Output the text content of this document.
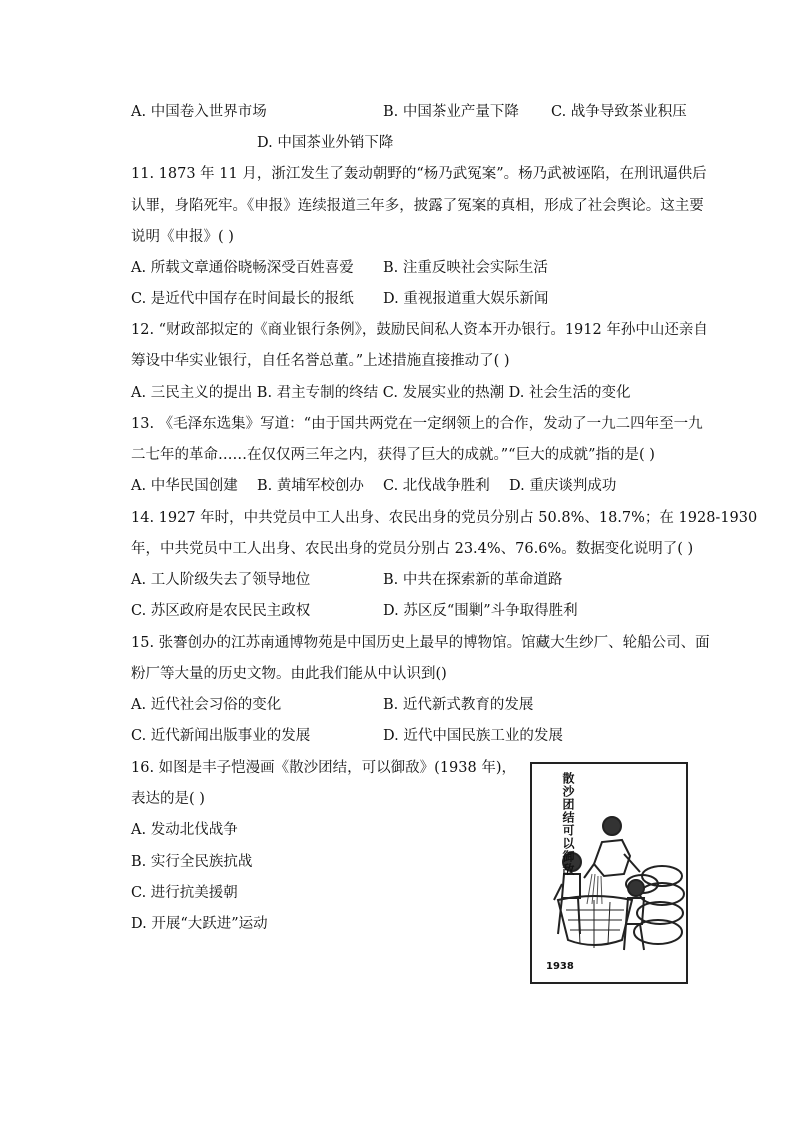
A. 中国卷入世界市场	B. 中国茶业产量下降 C. 战争导致茶业积压
D. 中国茶业外销下降
11. 1873 年 11 月，浙江发生了轰动朝野的“杨乃武冤案”。杨乃武被诬陷，在刑讯逼供后
认罪，身陷死牢。《申报》连续报道三年多，披露了冤案的真相，形成了社会舆论。这主要
说明《申报》( )
A. 所载文章通俗晓畅深受百姓喜爱 B. 注重反映社会实际生活
C. 是近代中国存在时间最长的报纸 D. 重视报道重大娱乐新闻
12. “财政部拟定的《商业银行条例》，鼓励民间私人资本开办银行。1912 年孙中山还亲自
筹设中华实业银行，自任名誉总董。”上述措施直接推动了( )
A. 三民主义的提出 B. 君主专制的终结 C. 发展实业的热潮 D. 社会生活的变化
13. 《毛泽东选集》写道：“由于国共两党在一定纲领上的合作，发动了一九二四年至一九
二七年的革命……在仅仅两三年之内，获得了巨大的成就。”“巨大的成就”指的是( )
A. 中华民国创建 B. 黄埔军校创办 C. 北伐战争胜利 D. 重庆谈判成功
14. 1927 年时，中共党员中工人出身、农民出身的党员分别占 50.8%、18.7%；在 1928-1930
年，中共党员中工人出身、农民出身的党员分别占 23.4%、76.6%。数据变化说明了( )
A. 工人阶级失去了领导地位	B. 中共在探索新的革命道路
C. 苏区政府是农民民主政权	D. 苏区反“围剿”斗争取得胜利
15. 张謇创办的江苏南通博物苑是中国历史上最早的博物馆。馆藏大生纱厂、轮船公司、面
粉厂等大量的历史文物。由此我们能从中认识到()
A. 近代社会习俗的变化	B. 近代新式教育的发展
C. 近代新闻出版事业的发展	D. 近代中国民族工业的发展
16. 如图是丰子恺漫画《散沙团结，可以御敌》(1938 年)，
表达的是( )
A. 发动北伐战争
B. 实行全民族抗战
C. 进行抗美援朝
D. 开展“大跃进”运动
散沙团结可以御敌
1938
